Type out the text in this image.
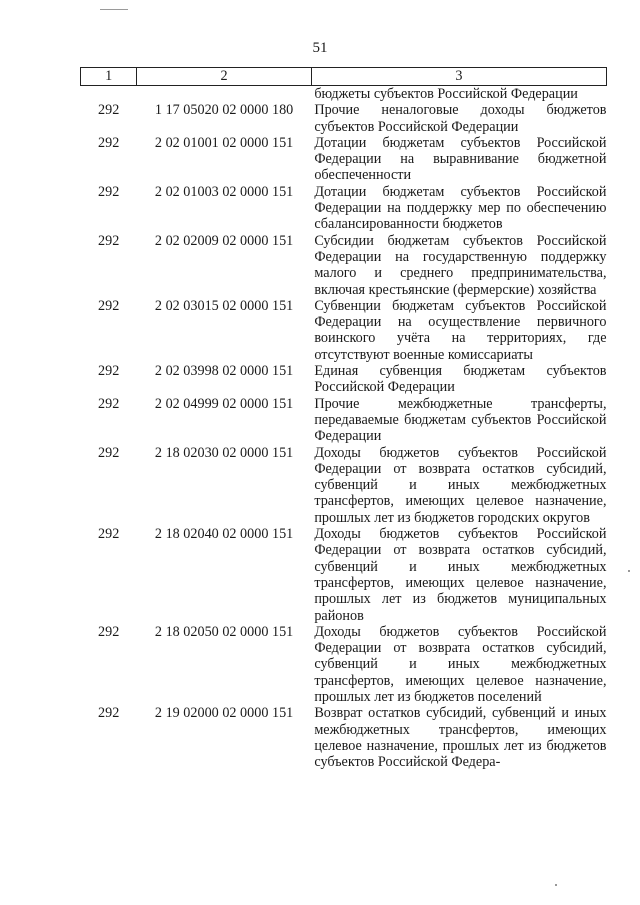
51
1	2	3
		бюджеты субъектов Российской Федерации
292	1 17 05020 02 0000 180	Прочие неналоговые доходы бюджетов субъектов Российской Федерации
292	2 02 01001 02 0000 151	Дотации бюджетам субъектов Российской Федерации на выравнивание бюджетной обеспеченности
292	2 02 01003 02 0000 151	Дотации бюджетам субъектов Российской Федерации на поддержку мер по обеспечению сбалансированности бюджетов
292	2 02 02009 02 0000 151	Субсидии бюджетам субъектов Российской Федерации на государственную поддержку малого и среднего предпринимательства, включая крестьянские (фермерские) хозяйства
292	2 02 03015 02 0000 151	Субвенции бюджетам субъектов Российской Федерации на осуществление первичного воинского учёта на территориях, где отсутствуют военные комиссариаты
292	2 02 03998 02 0000 151	Единая субвенция бюджетам субъектов Российской Федерации
292	2 02 04999 02 0000 151	Прочие межбюджетные трансферты, передаваемые бюджетам субъектов Российской Федерации
292	2 18 02030 02 0000 151	Доходы бюджетов субъектов Российской Федерации от возврата остатков субсидий, субвенций и иных межбюджетных трансфертов, имеющих целевое назначение, прошлых лет из бюджетов городских округов
292	2 18 02040 02 0000 151	Доходы бюджетов субъектов Российской Федерации от возврата остатков субсидий, субвенций и иных межбюджетных трансфертов, имеющих целевое назначение, прошлых лет из бюджетов муниципальных районов
292	2 18 02050 02 0000 151	Доходы бюджетов субъектов Российской Федерации от возврата остатков субсидий, субвенций и иных межбюджетных трансфертов, имеющих целевое назначение, прошлых лет из бюджетов поселений
292	2 19 02000 02 0000 151	Возврат остатков субсидий, субвенций и иных межбюджетных трансфертов, имеющих целевое назначение, прошлых лет из бюджетов субъектов Российской Федера-
